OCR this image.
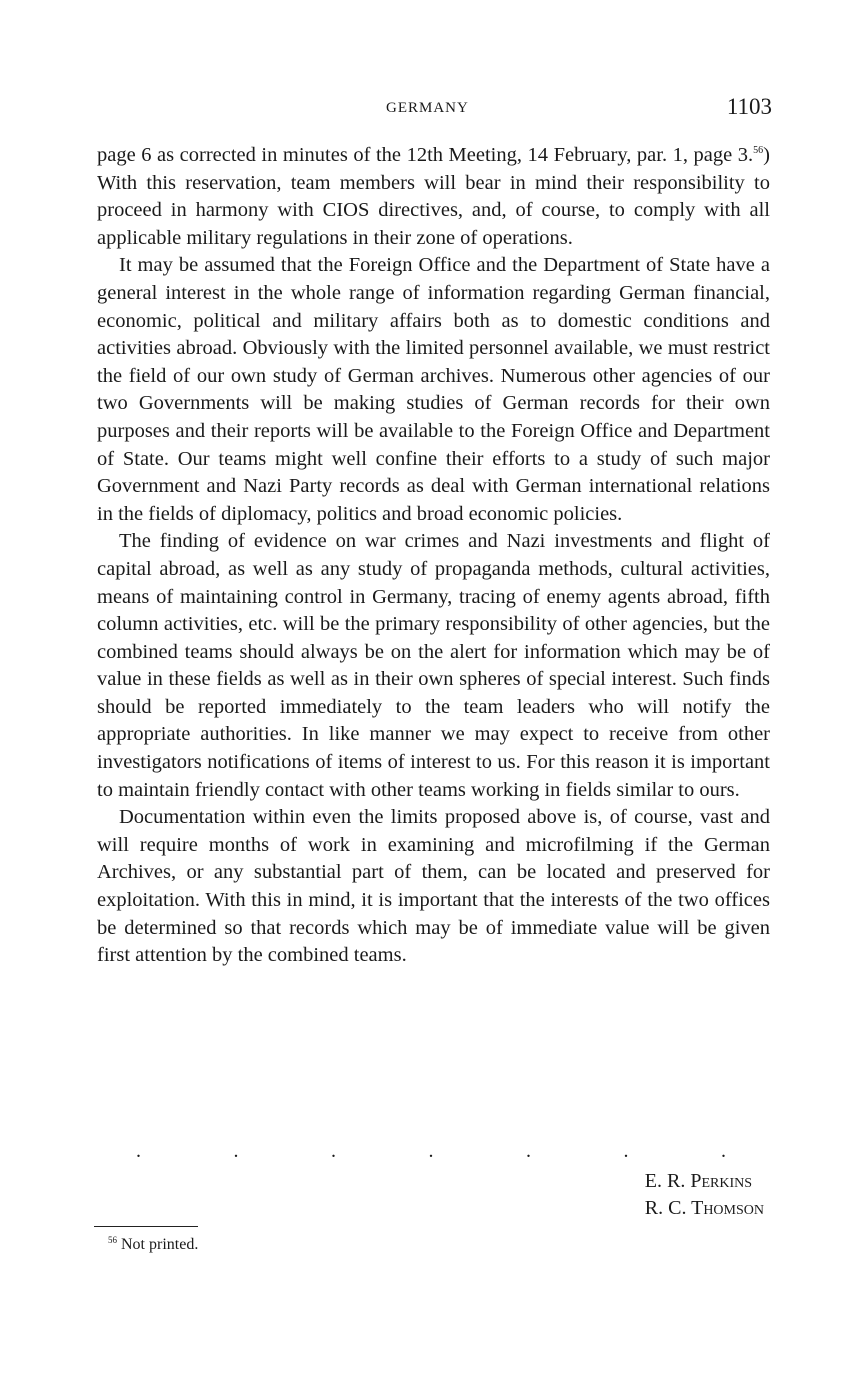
GERMANY	1103

page 6 as corrected in minutes of the 12th Meeting, 14 February, par. 1, page 3.56) With this reservation, team members will bear in mind their responsibility to proceed in harmony with CIOS directives, and, of course, to comply with all applicable military regulations in their zone of operations.

It may be assumed that the Foreign Office and the Department of State have a general interest in the whole range of information regarding German financial, economic, political and military affairs both as to domestic conditions and activities abroad. Obviously with the limited personnel available, we must restrict the field of our own study of German archives. Numerous other agencies of our two Governments will be making studies of German records for their own purposes and their reports will be available to the Foreign Office and Department of State. Our teams might well confine their efforts to a study of such major Government and Nazi Party records as deal with German international relations in the fields of diplomacy, politics and broad economic policies.

The finding of evidence on war crimes and Nazi investments and flight of capital abroad, as well as any study of propaganda methods, cultural activities, means of maintaining control in Germany, tracing of enemy agents abroad, fifth column activities, etc. will be the primary responsibility of other agencies, but the combined teams should always be on the alert for information which may be of value in these fields as well as in their own spheres of special interest. Such finds should be reported immediately to the team leaders who will notify the appropriate authorities. In like manner we may expect to receive from other investigators notifications of items of interest to us. For this reason it is important to maintain friendly contact with other teams working in fields similar to ours.

Documentation within even the limits proposed above is, of course, vast and will require months of work in examining and microfilming if the German Archives, or any substantial part of them, can be located and preserved for exploitation. With this in mind, it is important that the interests of the two offices be determined so that records which may be of immediate value will be given first attention by the combined teams.

.	.	.	.	.	.	.
E. R. Perkins
R. C. Thomson
$^{56}$ Not printed.
